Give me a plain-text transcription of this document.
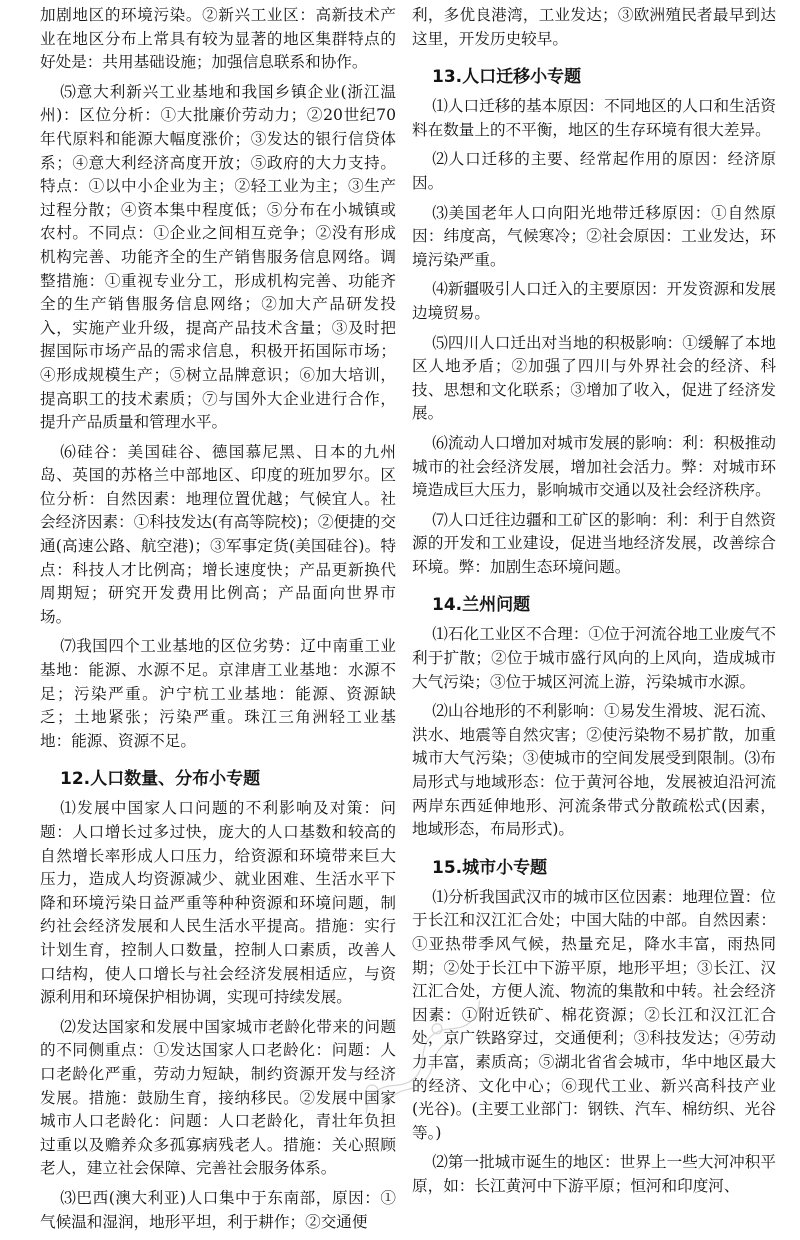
加剧地区的环境污染。②新兴工业区：高新技术产业在地区分布上常具有较为显著的地区集群特点的好处是：共用基础设施；加强信息联系和协作。

⑸意大利新兴工业基地和我国乡镇企业(浙江温州)：区位分析：①大批廉价劳动力；②20世纪70年代原料和能源大幅度涨价；③发达的银行信贷体系；④意大利经济高度开放；⑤政府的大力支持。特点：①以中小企业为主；②轻工业为主；③生产过程分散；④资本集中程度低；⑤分布在小城镇或农村。不同点：①企业之间相互竞争；②没有形成机构完善、功能齐全的生产销售服务信息网络。调整措施：①重视专业分工，形成机构完善、功能齐全的生产销售服务信息网络；②加大产品研发投入，实施产业升级，提高产品技术含量；③及时把握国际市场产品的需求信息，积极开拓国际市场；④形成规模生产；⑤树立品牌意识；⑥加大培训，提高职工的技术素质；⑦与国外大企业进行合作，提升产品质量和管理水平。

⑹硅谷：美国硅谷、德国慕尼黑、日本的九州岛、英国的苏格兰中部地区、印度的班加罗尔。区位分析：自然因素：地理位置优越；气候宜人。社会经济因素：①科技发达(有高等院校)；②便捷的交通(高速公路、航空港)；③军事定货(美国硅谷)。特点：科技人才比例高；增长速度快；产品更新换代周期短；研究开发费用比例高；产品面向世界市场。

⑺我国四个工业基地的区位劣势：辽中南重工业基地：能源、水源不足。京津唐工业基地：水源不足；污染严重。沪宁杭工业基地：能源、资源缺乏；土地紧张；污染严重。珠江三角洲轻工业基地：能源、资源不足。

12.人口数量、分布小专题

⑴发展中国家人口问题的不利影响及对策：问题：人口增长过多过快，庞大的人口基数和较高的自然增长率形成人口压力，给资源和环境带来巨大压力，造成人均资源减少、就业困难、生活水平下降和环境污染日益严重等种种资源和环境问题，制约社会经济发展和人民生活水平提高。措施：实行计划生育，控制人口数量，控制人口素质，改善人口结构，使人口增长与社会经济发展相适应，与资源利用和环境保护相协调，实现可持续发展。

⑵发达国家和发展中国家城市老龄化带来的问题的不同侧重点：①发达国家人口老龄化：问题：人口老龄化严重，劳动力短缺，制约资源开发与经济发展。措施：鼓励生育，接纳移民。②发展中国家城市人口老龄化：问题：人口老龄化，青壮年负担过重以及赡养众多孤寡病残老人。措施：关心照顾老人，建立社会保障、完善社会服务体系。

⑶巴西(澳大利亚)人口集中于东南部，原因：①气候温和湿润，地形平坦，利于耕作；②交通便

利，多优良港湾，工业发达；③欧洲殖民者最早到达这里，开发历史较早。

13.人口迁移小专题

⑴人口迁移的基本原因：不同地区的人口和生活资料在数量上的不平衡，地区的生存环境有很大差异。

⑵人口迁移的主要、经常起作用的原因：经济原因。

⑶美国老年人口向阳光地带迁移原因：①自然原因：纬度高，气候寒冷；②社会原因：工业发达，环境污染严重。

⑷新疆吸引人口迁入的主要原因：开发资源和发展边境贸易。

⑸四川人口迁出对当地的积极影响：①缓解了本地区人地矛盾；②加强了四川与外界社会的经济、科技、思想和文化联系；③增加了收入，促进了经济发展。

⑹流动人口增加对城市发展的影响：利：积极推动城市的社会经济发展，增加社会活力。弊：对城市环境造成巨大压力，影响城市交通以及社会经济秩序。

⑺人口迁往边疆和工矿区的影响：利：利于自然资源的开发和工业建设，促进当地经济发展，改善综合环境。弊：加剧生态环境问题。

14.兰州问题

⑴石化工业区不合理：①位于河流谷地工业废气不利于扩散；②位于城市盛行风向的上风向，造成城市大气污染；③位于城区河流上游，污染城市水源。

⑵山谷地形的不利影响：①易发生滑坡、泥石流、洪水、地震等自然灾害；②使污染物不易扩散，加重城市大气污染；③使城市的空间发展受到限制。⑶布局形式与地域形态：位于黄河谷地，发展被迫沿河流两岸东西延伸地形、河流条带式分散疏松式(因素，地域形态，布局形式)。

15.城市小专题

⑴分析我国武汉市的城市区位因素：地理位置：位于长江和汉江汇合处；中国大陆的中部。自然因素：①亚热带季风气候，热量充足，降水丰富，雨热同期；②处于长江中下游平原，地形平坦；③长江、汉江汇合处，方便人流、物流的集散和中转。社会经济因素：①附近铁矿、棉花资源；②长江和汉江汇合处，京广铁路穿过，交通便利；③科技发达；④劳动力丰富，素质高；⑤湖北省省会城市，华中地区最大的经济、文化中心；⑥现代工业、新兴高科技产业(光谷)。(主要工业部门：钢铁、汽车、棉纺织、光谷等。)

⑵第一批城市诞生的地区：世界上一些大河冲积平原，如：长江黄河中下游平原；恒河和印度河、
